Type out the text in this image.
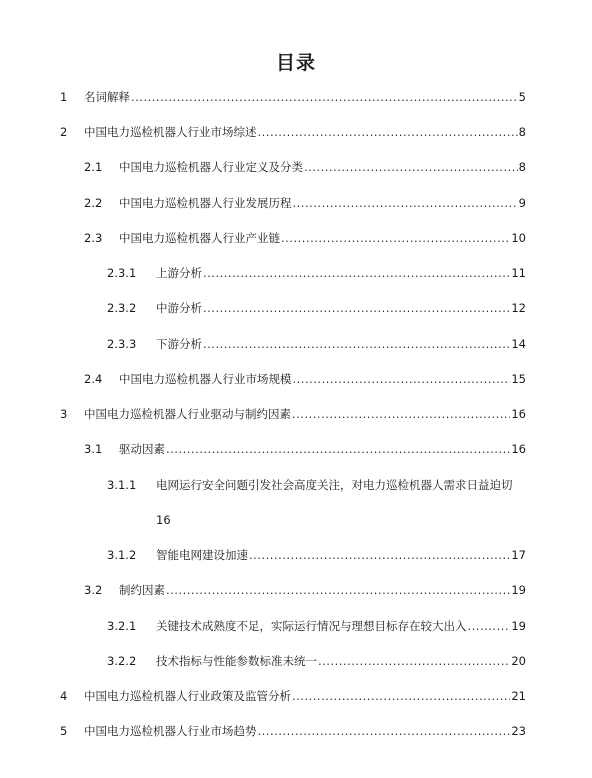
目录
1 名词解释 .....	5
2 中国电力巡检机器人行业市场综述 .....	8
2.1 中国电力巡检机器人行业定义及分类 .....	8
2.2 中国电力巡检机器人行业发展历程 .....	9
2.3 中国电力巡检机器人行业产业链 .....	10
2.3.1 上游分析 .....	11
2.3.2 中游分析 .....	12
2.3.3 下游分析 .....	14
2.4 中国电力巡检机器人行业市场规模 .....	15
3 中国电力巡检机器人行业驱动与制约因素 .....	16
3.1 驱动因素 .....	16
3.1.1 电网运行安全问题引发社会高度关注，对电力巡检机器人需求日益迫切
16
3.1.2 智能电网建设加速 .....	17
3.2 制约因素 .....	19
3.2.1 关键技术成熟度不足，实际运行情况与理想目标存在较大出入 .....	19
3.2.2 技术指标与性能参数标准未统一 .....	20
4 中国电力巡检机器人行业政策及监管分析 .....	21
5 中国电力巡检机器人行业市场趋势 .....	23
